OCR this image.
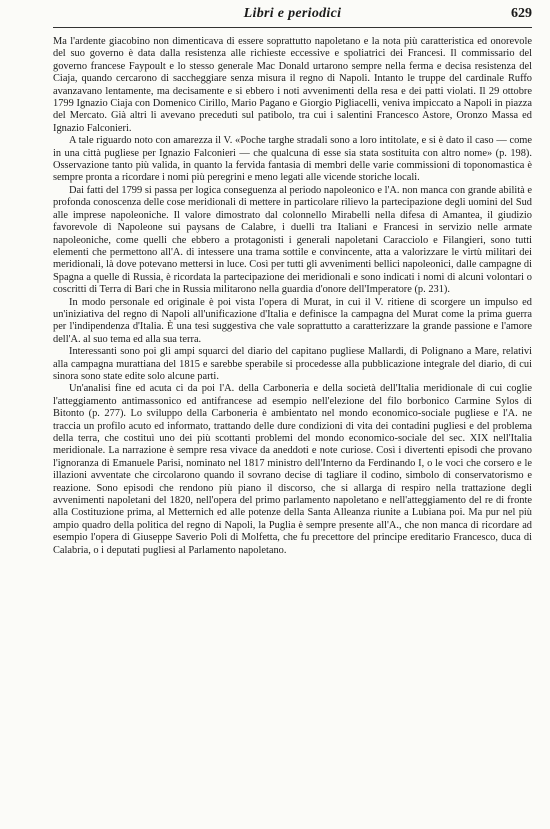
Libri e periodici	629

Ma l'ardente giacobino non dimenticava di essere soprattutto napoletano e la nota più caratteristica ed onorevole del suo governo è data dalla resistenza alle richieste eccessive e spoliatrici dei Francesi. Il commissario del governo francese Faypoult e lo stesso generale Mac Donald urtarono sempre nella ferma e decisa resistenza del Ciaja, quando cercarono di saccheggiare senza misura il regno di Napoli. Intanto le truppe del cardinale Ruffo avanzavano lentamente, ma decisamente e si ebbero i noti avvenimenti della resa e dei patti violati. Il 29 ottobre 1799 Ignazio Ciaja con Domenico Cirillo, Mario Pagano e Giorgio Pigliacelli, veniva impiccato a Napoli in piazza del Mercato. Già altri li avevano preceduti sul patibolo, tra cui i salentini Francesco Astore, Oronzo Massa ed Ignazio Falconieri.

A tale riguardo noto con amarezza il V. «Poche targhe stradali sono a loro intitolate, e si è dato il caso — come in una città pugliese per Ignazio Falconieri — che qualcuna di esse sia stata sostituita con altro nome» (p. 198). Osservazione tanto più valida, in quanto la fervida fantasia di membri delle varie commissioni di toponomastica è sempre pronta a ricordare i nomi più peregrini e meno legati alle vicende storiche locali.

Dai fatti del 1799 si passa per logica conseguenza al periodo napoleonico e l'A. non manca con grande abilità e profonda conoscenza delle cose meridionali di mettere in particolare rilievo la partecipazione degli uomini del Sud alle imprese napoleoniche. Il valore dimostrato dal colonnello Mirabelli nella difesa di Amantea, il giudizio favorevole di Napoleone sui paysans de Calabre, i duelli tra Italiani e Francesi in servizio nelle armate napoleoniche, come quelli che ebbero a protagonisti i generali napoletani Caracciolo e Filangieri, sono tutti elementi che permettono all'A. di intessere una trama sottile e convincente, atta a valorizzare le virtù militari dei meridionali, là dove potevano mettersi in luce. Così per tutti gli avvenimenti bellici napoleonici, dalle campagne di Spagna a quelle di Russia, è ricordata la partecipazione dei meridionali e sono indicati i nomi di alcuni volontari o coscritti di Terra di Bari che in Russia militarono nella guardia d'onore dell'Imperatore (p. 231).

In modo personale ed originale è poi vista l'opera di Murat, in cui il V. ritiene di scorgere un impulso ed un'iniziativa del regno di Napoli all'unificazione d'Italia e definisce la campagna del Murat come la prima guerra per l'indipendenza d'Italia. È una tesi suggestiva che vale soprattutto a caratterizzare la grande passione e l'amore dell'A. al suo tema ed alla sua terra.

Interessanti sono poi gli ampi squarci del diario del capitano pugliese Mallardi, di Polignano a Mare, relativi alla campagna murattiana del 1815 e sarebbe sperabile si procedesse alla pubblicazione integrale del diario, di cui sinora sono state edite solo alcune parti.

Un'analisi fine ed acuta ci da poi l'A. della Carboneria e della società dell'Italia meridionale di cui coglie l'atteggiamento antimassonico ed antifrancese ad esempio nell'elezione del filo borbonico Carmine Sylos di Bitonto (p. 277). Lo sviluppo della Carboneria è ambientato nel mondo economico-sociale pugliese e l'A. ne traccia un profilo acuto ed informato, trattando delle dure condizioni di vita dei contadini pugliesi e del problema della terra, che costituì uno dei più scottanti problemi del mondo economico-sociale del sec. XIX nell'Italia meridionale. La narrazione è sempre resa vivace da aneddoti e note curiose. Così i divertenti episodi che provano l'ignoranza di Emanuele Parisi, nominato nel 1817 ministro dell'Interno da Ferdinando I, o le voci che corsero e le illazioni avventate che circolarono quando il sovrano decise di tagliare il codino, simbolo di conservatorismo e reazione. Sono episodi che rendono più piano il discorso, che si allarga di respiro nella trattazione degli avvenimenti napoletani del 1820, nell'opera del primo parlamento napoletano e nell'atteggiamento del re di fronte alla Costituzione prima, al Metternich ed alle potenze della Santa Alleanza riunite a Lubiana poi. Ma pur nel più ampio quadro della politica del regno di Napoli, la Puglia è sempre presente all'A., che non manca di ricordare ad esempio l'opera di Giuseppe Saverio Poli di Molfetta, che fu precettore del principe ereditario Francesco, duca di Calabria, o i deputati pugliesi al Parlamento napoletano.
